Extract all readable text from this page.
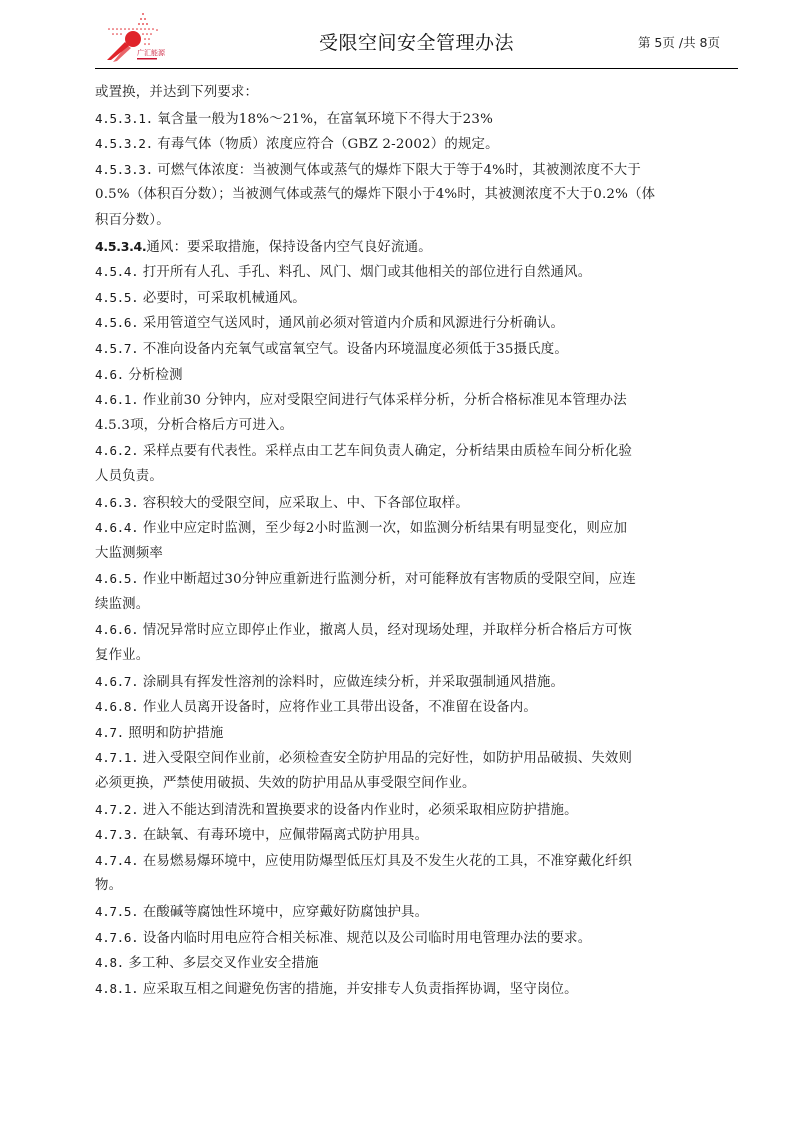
广汇能源	受限空间安全管理办法	第 5页 /共 8页
或置换，并达到下列要求：
4.5.3.1. 氧含量一般为18%～21%，在富氧环境下不得大于23%
4.5.3.2. 有毒气体（物质）浓度应符合（GBZ 2-2002）的规定。
4.5.3.3. 可燃气体浓度：当被测气体或蒸气的爆炸下限大于等于4%时，其被测浓度不大于
0.5%（体积百分数）；当被测气体或蒸气的爆炸下限小于4%时，其被测浓度不大于0.2%（体
积百分数）。
4.5.3.4.通风：要采取措施，保持设备内空气良好流通。
4.5.4. 打开所有人孔、手孔、料孔、风门、烟门或其他相关的部位进行自然通风。
4.5.5. 必要时，可采取机械通风。
4.5.6. 采用管道空气送风时，通风前必须对管道内介质和风源进行分析确认。
4.5.7. 不准向设备内充氧气或富氧空气。设备内环境温度必须低于35摄氏度。
4.6. 分析检测
4.6.1. 作业前30 分钟内，应对受限空间进行气体采样分析，分析合格标准见本管理办法
4.5.3项，分析合格后方可进入。
4.6.2. 采样点要有代表性。采样点由工艺车间负责人确定，分析结果由质检车间分析化验
人员负责。
4.6.3. 容积较大的受限空间，应采取上、中、下各部位取样。
4.6.4. 作业中应定时监测，至少每2小时监测一次，如监测分析结果有明显变化，则应加
大监测频率
4.6.5. 作业中断超过30分钟应重新进行监测分析，对可能释放有害物质的受限空间，应连
续监测。
4.6.6. 情况异常时应立即停止作业，撤离人员，经对现场处理，并取样分析合格后方可恢
复作业。
4.6.7. 涂刷具有挥发性溶剂的涂料时，应做连续分析，并采取强制通风措施。
4.6.8. 作业人员离开设备时，应将作业工具带出设备，不准留在设备内。
4.7. 照明和防护措施
4.7.1. 进入受限空间作业前，必须检查安全防护用品的完好性，如防护用品破损、失效则
必须更换，严禁使用破损、失效的防护用品从事受限空间作业。
4.7.2. 进入不能达到清洗和置换要求的设备内作业时，必须采取相应防护措施。
4.7.3. 在缺氧、有毒环境中，应佩带隔离式防护用具。
4.7.4. 在易燃易爆环境中，应使用防爆型低压灯具及不发生火花的工具，不准穿戴化纤织
物。
4.7.5. 在酸碱等腐蚀性环境中，应穿戴好防腐蚀护具。
4.7.6. 设备内临时用电应符合相关标准、规范以及公司临时用电管理办法的要求。
4.8. 多工种、多层交叉作业安全措施
4.8.1. 应采取互相之间避免伤害的措施，并安排专人负责指挥协调，坚守岗位。
